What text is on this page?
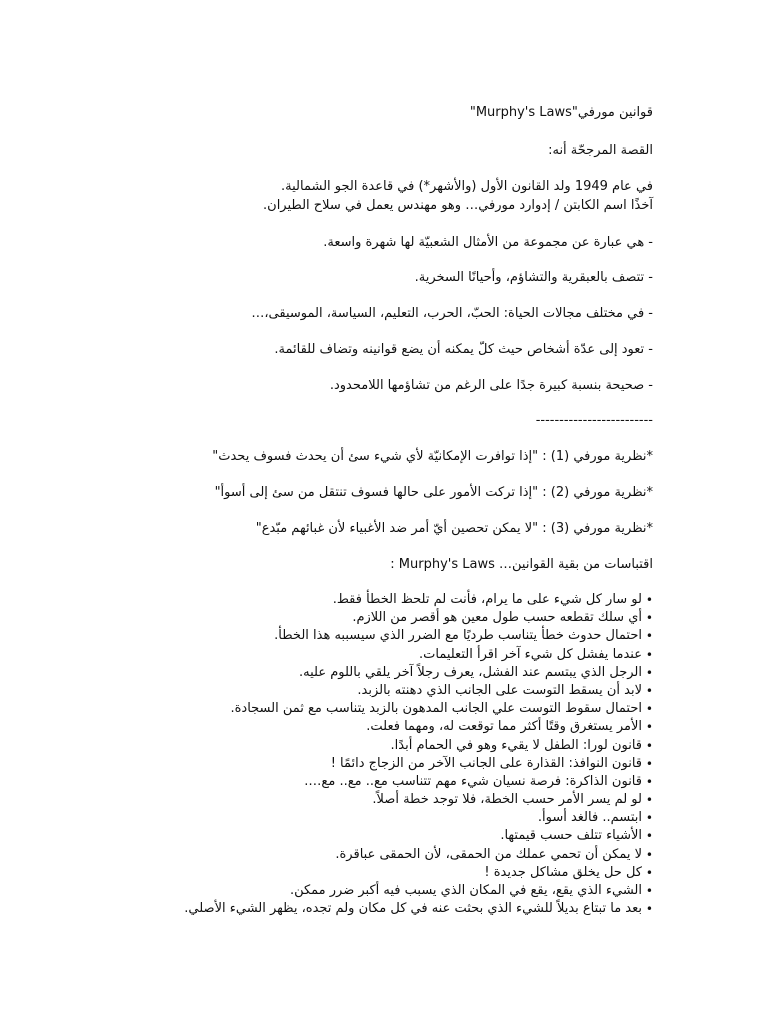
قوانين مورفي"Murphy's Laws"
القصة المرجحّة أنه:
في عام 1949 ولد القانون الأول (والأشهر*) في قاعدة الجو الشمالية.
آخذًا اسم الكابتن / إدوارد مورفي… وهو مهندس يعمل في سلاح الطيران.
- هي عبارة عن مجموعة من الأمثال الشعبيّة لها شهرة واسعة.
- تتصف بالعبقرية والتشاؤم، وأحيانًا السخرية.
- في مختلف مجالات الحياة: الحبّ، الحرب، التعليم، السياسة، الموسيقى،…
- تعود إلى عدّة أشخاص حيث كلّ يمكنه أن يضع قوانينه وتضاف للقائمة.
- صحيحة بنسبة كبيرة جدًا على الرغم من تشاؤمها اللامحدود.
-------------------------
*نظرية مورفي (1) : "إذا توافرت الإمكانيّة لأي شيء سئ أن يحدث فسوف يحدث"
*نظرية مورفي (2) : "إذا تركت الأمور على حالها فسوف تنتقل من سئ إلى أسوأ"
*نظرية مورفي (3) : "لا يمكن تحصين أيّ أمر ضد الأغبياء لأن غبائهم مبّدع"
اقتباسات من بقية القوانين… Murphy's Laws :
•
لو سار كل شيء على ما يرام، فأنت لم تلحظ الخطأ فقط.
•
أي سلك تقطعه حسب طول معين هو أقصر من اللازم.
•
احتمال حدوث خطأ يتناسب طرديًا مع الضرر الذي سيسببه هذا الخطأ.
•
عندما يفشل كل شيء آخر اقرأ التعليمات.
•
الرجل الذي يبتسم عند الفشل، يعرف رجلاً آخر يلقي باللوم عليه.
•
لابد أن يسقط التوست على الجانب الذي دهنته بالزبد.
•
احتمال سقوط التوست علي الجانب المدهون بالزبد يتناسب مع ثمن السجادة.
•
الأمر يستغرق وقتًا أكثر مما توقعت له، ومهما فعلت.
•
قانون لورا: الطفل لا يقيء وهو في الحمام أبدًا.
•
قانون النوافذ: القذارة على الجانب الآخر من الزجاج دائمًا !
•
قانون الذاكرة: فرصة نسيان شيء مهم تتناسب مع.. مع.. مع….
•
لو لم يسر الأمر حسب الخطة، فلا توجد خطة أصلاً.
•
ابتسم.. فالغد أسوأ.
•
الأشياء تتلف حسب قيمتها.
•
لا يمكن أن تحمي عملك من الحمقى، لأن الحمقى عباقرة.
•
كل حل يخلق مشاكل جديدة !
•
الشيء الذي يقع، يقع في المكان الذي يسبب فيه أكبر ضرر ممكن.
•
بعد ما تبتاع بديلاً للشيء الذي بحثت عنه في كل مكان ولم تجده، يظهر الشيء الأصلي.
